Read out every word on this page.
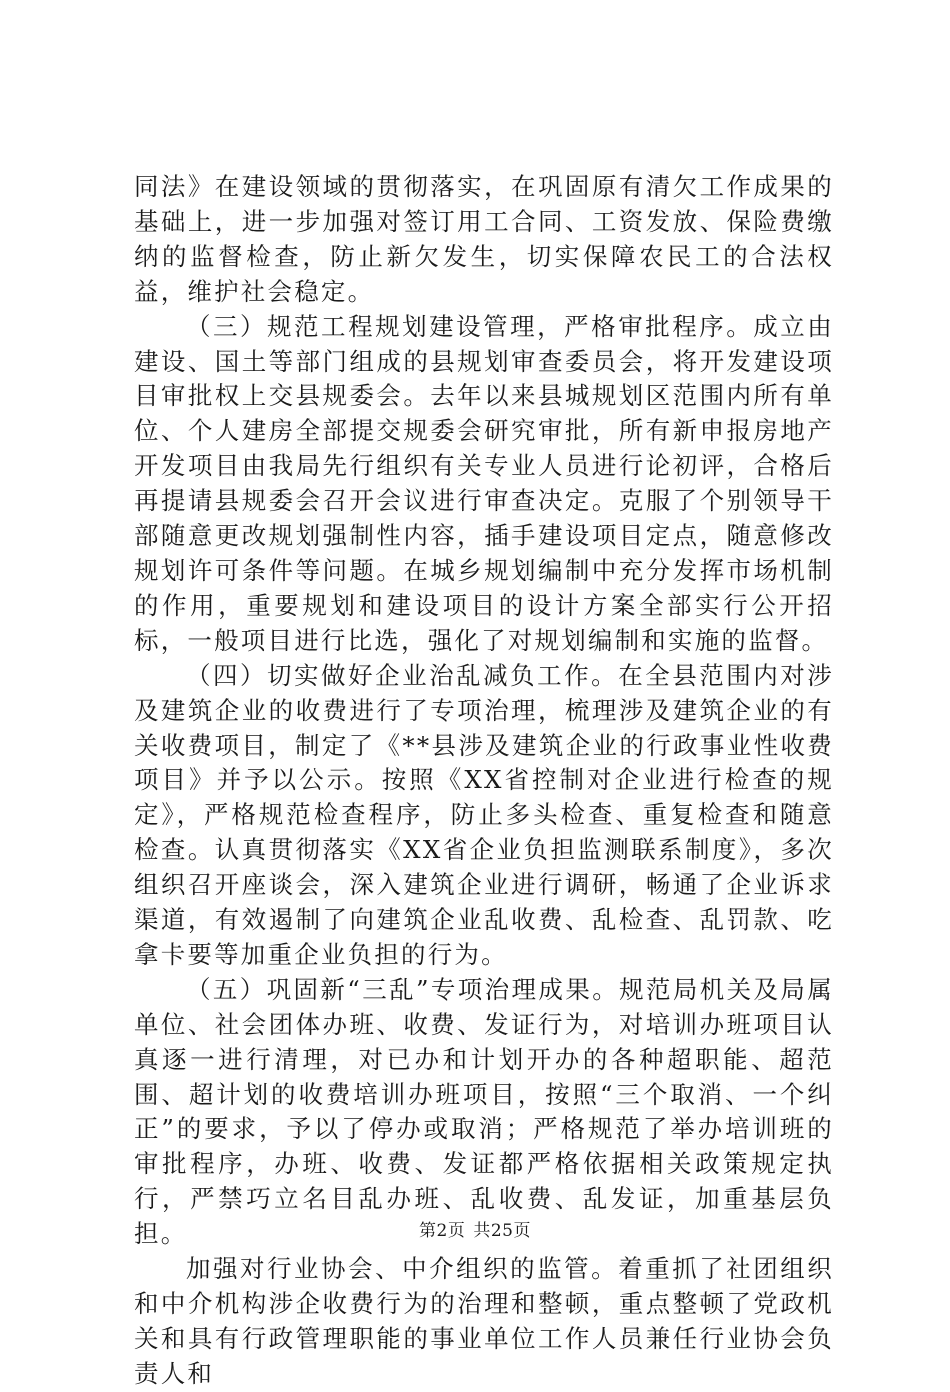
同法》在建设领域的贯彻落实，在巩固原有清欠工作成果的基础上，进一步加强对签订用工合同、工资发放、保险费缴纳的监督检查，防止新欠发生，切实保障农民工的合法权益，维护社会稳定。

（三）规范工程规划建设管理，严格审批程序。成立由建设、国土等部门组成的县规划审查委员会，将开发建设项目审批权上交县规委会。去年以来县城规划区范围内所有单位、个人建房全部提交规委会研究审批，所有新申报房地产开发项目由我局先行组织有关专业人员进行论初评，合格后再提请县规委会召开会议进行审查决定。克服了个别领导干部随意更改规划强制性内容，插手建设项目定点，随意修改规划许可条件等问题。在城乡规划编制中充分发挥市场机制的作用，重要规划和建设项目的设计方案全部实行公开招标，一般项目进行比选，强化了对规划编制和实施的监督。

（四）切实做好企业治乱减负工作。在全县范围内对涉及建筑企业的收费进行了专项治理，梳理涉及建筑企业的有关收费项目，制定了《**县涉及建筑企业的行政事业性收费项目》并予以公示。按照《XX省控制对企业进行检查的规定》，严格规范检查程序，防止多头检查、重复检查和随意检查。认真贯彻落实《XX省企业负担监测联系制度》，多次组织召开座谈会，深入建筑企业进行调研，畅通了企业诉求渠道，有效遏制了向建筑企业乱收费、乱检查、乱罚款、吃拿卡要等加重企业负担的行为。

（五）巩固新“三乱”专项治理成果。规范局机关及局属单位、社会团体办班、收费、发证行为，对培训办班项目认真逐一进行清理，对已办和计划开办的各种超职能、超范围、超计划的收费培训办班项目，按照“三个取消、一个纠正”的要求，予以了停办或取消；严格规范了举办培训班的审批程序，办班、收费、发证都严格依据相关政策规定执行，严禁巧立名目乱办班、乱收费、乱发证，加重基层负担。

加强对行业协会、中介组织的监管。着重抓了社团组织和中介机构涉企收费行为的治理和整顿，重点整顿了党政机关和具有行政管理职能的事业单位工作人员兼任行业协会负责人和

第2页 共25页
